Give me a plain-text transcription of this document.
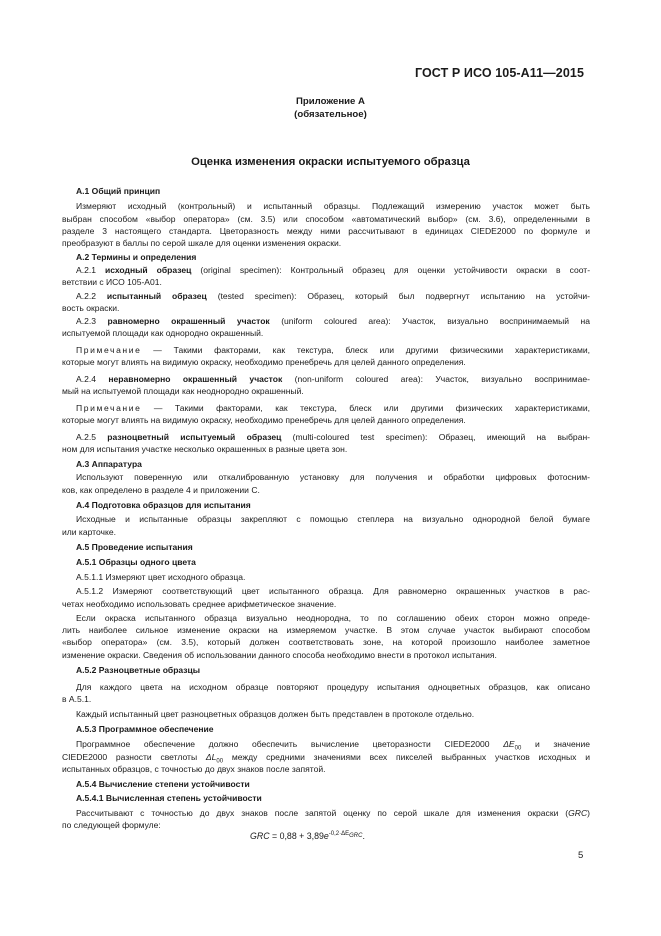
ГОСТ Р ИСО 105-A11—2015
Приложение А
(обязательное)
Оценка изменения окраски испытуемого образца
А.1 Общий принцип
Измеряют исходный (контрольный) и испытанный образцы. Подлежащий измерению участок может быть
выбран способом «выбор оператора» (см. 3.5) или способом «автоматический выбор» (см. 3.6), определенными в
разделе 3 настоящего стандарта. Цветоразность между ними рассчитывают в единицах CIEDE2000 по формуле и
преобразуют в баллы по серой шкале для оценки изменения окраски.
А.2 Термины и определения
А.2.1 исходный образец (original specimen): Контрольный образец для оценки устойчивости окраски в соот-
ветствии с ИСО 105-A01.
А.2.2 испытанный образец (tested specimen): Образец, который был подвергнут испытанию на устойчи-
вость окраски.
А.2.3 равномерно окрашенный участок (uniform coloured area): Участок, визуально воспринимаемый на
испытуемой площади как однородно окрашенный.
Примечание — Такими факторами, как текстура, блеск или другими физическими характеристиками,
которые могут влиять на видимую окраску, необходимо пренебречь для целей данного определения.
А.2.4 неравномерно окрашенный участок (non-uniform coloured area): Участок, визуально воспринимае-
мый на испытуемой площади как неоднородно окрашенный.
Примечание — Такими факторами, как текстура, блеск или другими физических характеристиками,
которые могут влиять на видимую окраску, необходимо пренебречь для целей данного определения.
А.2.5 разноцветный испытуемый образец (multi-coloured test specimen): Образец, имеющий на выбран-
ном для испытания участке несколько окрашенных в разные цвета зон.
А.3 Аппаратура
Используют поверенную или откалиброванную установку для получения и обработки цифровых фотосним-
ков, как определено в разделе 4 и приложении С.
А.4 Подготовка образцов для испытания
Исходные и испытанные образцы закрепляют с помощью степлера на визуально однородной белой бумаге
или карточке.
А.5 Проведение испытания
А.5.1 Образцы одного цвета
А.5.1.1 Измеряют цвет исходного образца.
А.5.1.2 Измеряют соответствующий цвет испытанного образца. Для равномерно окрашенных участков в рас-
четах необходимо использовать среднее арифметическое значение.
Если окраска испытанного образца визуально неоднородна, то по соглашению обеих сторон можно опреде-
лить наиболее сильное изменение окраски на измеряемом участке. В этом случае участок выбирают способом
«выбор оператора» (см. 3.5), который должен соответствовать зоне, на которой произошло наиболее заметное
изменение окраски. Сведения об использовании данного способа необходимо внести в протокол испытания.
А.5.2 Разноцветные образцы
Для каждого цвета на исходном образце повторяют процедуру испытания одноцветных образцов, как описано
в А.5.1.
Каждый испытанный цвет разноцветных образцов должен быть представлен в протоколе отдельно.
А.5.3 Программное обеспечение
Программное обеспечение должно обеспечить вычисление цветоразности CIEDE2000 $\Delta E_{00}$ и значение
CIEDE2000 разности светлоты $\Delta L_{00}$ между средними значениями всех пикселей выбранных участков исходных и
испытанных образцов, с точностью до двух знаков после запятой.
А.5.4 Вычисление степени устойчивости
А.5.4.1 Вычисленная степень устойчивости
Рассчитывают с точностью до двух знаков после запятой оценку по серой шкале для изменения окраски (GRC)
по следующей формуле:
GRC = $0,88 + 3,89e^{-0,2\cdot\Delta E_{GRC}}$.
5
